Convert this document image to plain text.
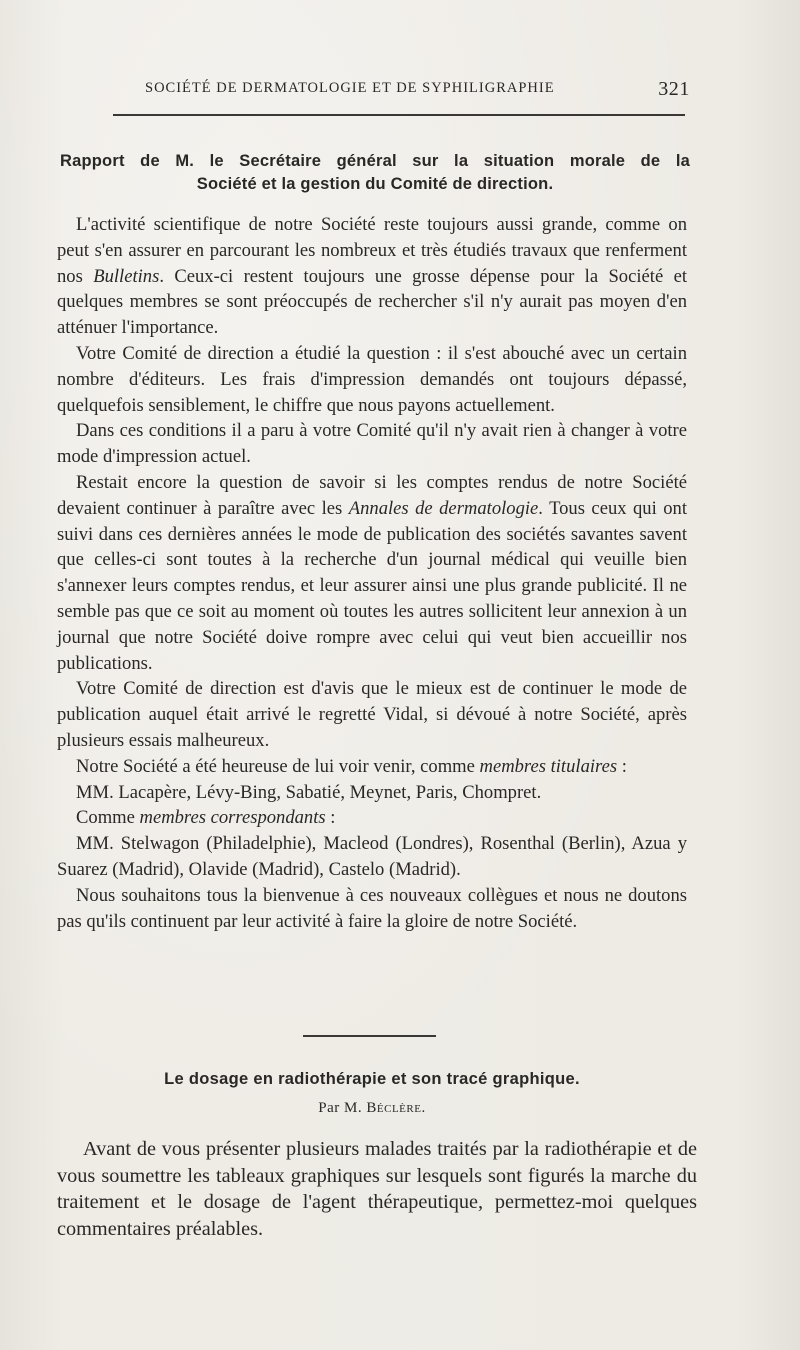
SOCIÉTÉ DE DERMATOLOGIE ET DE SYPHILIGRAPHIE	321
Rapport de M. le Secrétaire général sur la situation morale de la
Société et la gestion du Comité de direction.

L'activité scientifique de notre Société reste toujours aussi grande, comme on peut s'en assurer en parcourant les nombreux et très étudiés travaux que renferment nos Bulletins. Ceux-ci restent toujours une grosse dépense pour la Société et quelques membres se sont préoccupés de rechercher s'il n'y aurait pas moyen d'en atténuer l'importance.

Votre Comité de direction a étudié la question : il s'est abouché avec un certain nombre d'éditeurs. Les frais d'impression demandés ont toujours dépassé, quelquefois sensiblement, le chiffre que nous payons actuellement.

Dans ces conditions il a paru à votre Comité qu'il n'y avait rien à changer à votre mode d'impression actuel.

Restait encore la question de savoir si les comptes rendus de notre Société devaient continuer à paraître avec les Annales de dermatologie. Tous ceux qui ont suivi dans ces dernières années le mode de publication des sociétés savantes savent que celles-ci sont toutes à la recherche d'un journal médical qui veuille bien s'annexer leurs comptes rendus, et leur assurer ainsi une plus grande publicité. Il ne semble pas que ce soit au moment où toutes les autres sollicitent leur annexion à un journal que notre Société doive rompre avec celui qui veut bien accueillir nos publications.

Votre Comité de direction est d'avis que le mieux est de continuer le mode de publication auquel était arrivé le regretté Vidal, si dévoué à notre Société, après plusieurs essais malheureux.

Notre Société a été heureuse de lui voir venir, comme membres titulaires :

MM. Lacapère, Lévy-Bing, Sabatié, Meynet, Paris, Chompret.

Comme membres correspondants :

MM. Stelwagon (Philadelphie), Macleod (Londres), Rosenthal (Berlin), Azua y Suarez (Madrid), Olavide (Madrid), Castelo (Madrid).

Nous souhaitons tous la bienvenue à ces nouveaux collègues et nous ne doutons pas qu'ils continuent par leur activité à faire la gloire de notre Société.

Le dosage en radiothérapie et son tracé graphique.
Par M. Béclère.

Avant de vous présenter plusieurs malades traités par la radiothérapie et de vous soumettre les tableaux graphiques sur lesquels sont figurés la marche du traitement et le dosage de l'agent thérapeutique, permettez-moi quelques commentaires préalables.
